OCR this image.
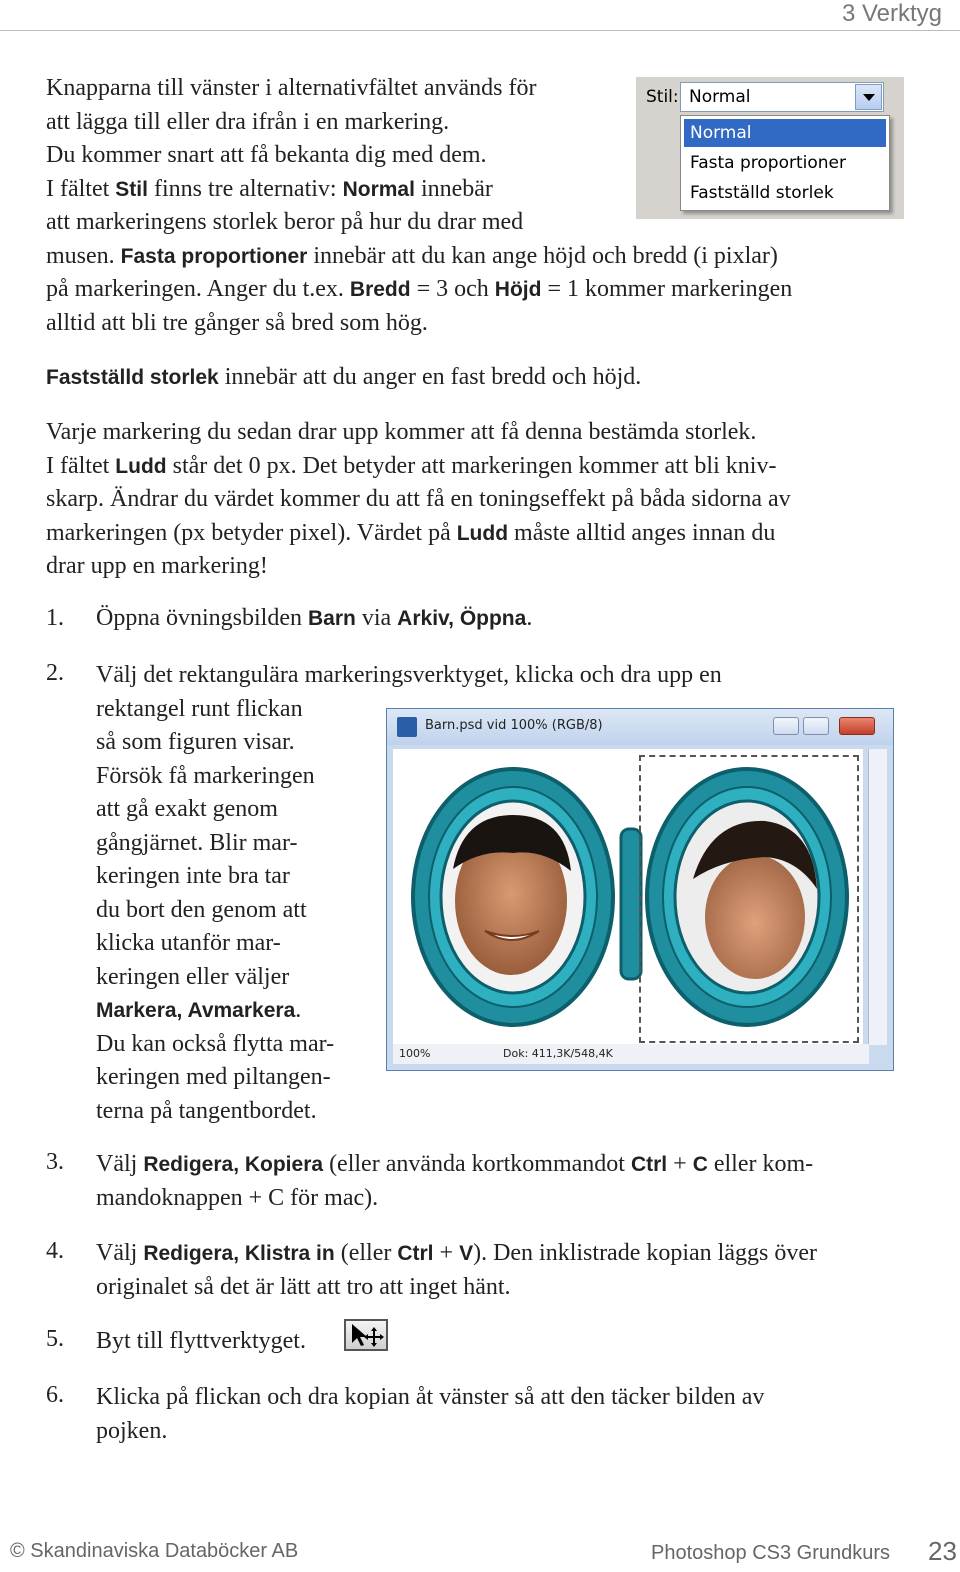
3 Verktyg
Knapparna till vänster i alternativfältet används för
att lägga till eller dra ifrån i en markering.
Du kommer snart att få bekanta dig med dem.
I fältet Stil finns tre alternativ: Normal innebär
att markeringens storlek beror på hur du drar med
musen. Fasta proportioner innebär att du kan ange höjd och bredd (i pixlar)
på markeringen. Anger du t.ex. Bredd = 3 och Höjd = 1 kommer markeringen
alltid att bli tre gånger så bred som hög.
Stil: Normal
Normal
Fasta proportioner
Fastställd storlek
Fastställd storlek innebär att du anger en fast bredd och höjd.
Varje markering du sedan drar upp kommer att få denna bestämda storlek.
I fältet Ludd står det 0 px. Det betyder att markeringen kommer att bli kniv-
skarp. Ändrar du värdet kommer du att få en toningseffekt på båda sidorna av
markeringen (px betyder pixel). Värdet på Ludd måste alltid anges innan du
drar upp en markering!
1. Öppna övningsbilden Barn via Arkiv, Öppna.
2. Välj det rektangulära markeringsverktyget, klicka och dra upp en
rektangel runt flickan
så som figuren visar.
Försök få markeringen
att gå exakt genom
gångjärnet. Blir mar-
keringen inte bra tar
du bort den genom att
klicka utanför mar-
keringen eller väljer
Markera, Avmarkera.
Du kan också flytta mar-
keringen med piltangen-
terna på tangentbordet.
Barn.psd vid 100% (RGB/8)
100%	Dok: 411,3K/548,4K
3. Välj Redigera, Kopiera (eller använda kortkommandot Ctrl + C eller kom-
mandoknappen + C för mac).
4. Välj Redigera, Klistra in (eller Ctrl + V). Den inklistrade kopian läggs över
originalet så det är lätt att tro att inget hänt.
5. Byt till flyttverktyget.
6. Klicka på flickan och dra kopian åt vänster så att den täcker bilden av
pojken.
© Skandinaviska Databöcker AB	Photoshop CS3 Grundkurs 23
